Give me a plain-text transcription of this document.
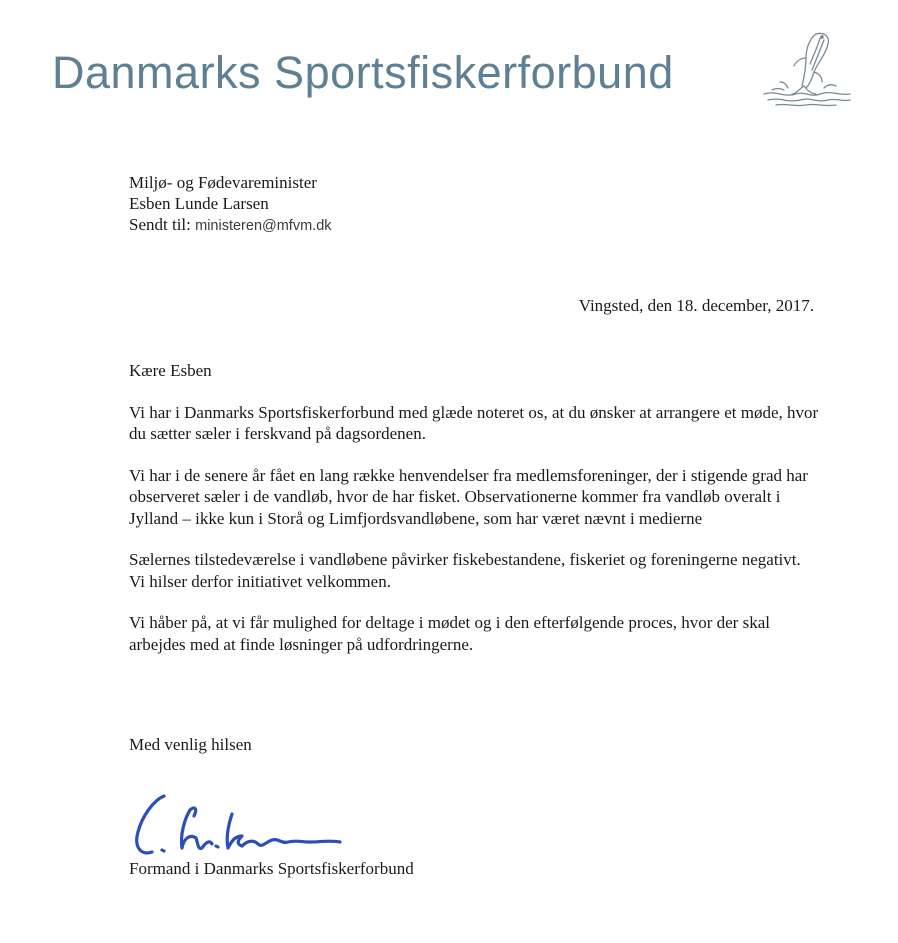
Danmarks Sportsfiskerforbund
Miljø- og Fødevareminister
Esben Lunde Larsen
Sendt til: ministeren@mfvm.dk
Vingsted, den 18. december, 2017.

Kære Esben

Vi har i Danmarks Sportsfiskerforbund med glæde noteret os, at du ønsker at arrangere et møde, hvor du sætter sæler i ferskvand på dagsordenen.

Vi har i de senere år fået en lang række henvendelser fra medlemsforeninger, der i stigende grad har observeret sæler i de vandløb, hvor de har fisket. Observationerne kommer fra vandløb overalt i Jylland – ikke kun i Storå og Limfjordsvandløbene, som har været nævnt i medierne

Sælernes tilstedeværelse i vandløbene påvirker fiskebestandene, fiskeriet og foreningerne negativt. Vi hilser derfor initiativet velkommen.

Vi håber på, at vi får mulighed for deltage i mødet og i den efterfølgende proces, hvor der skal arbejdes med at finde løsninger på udfordringerne.

Med venlig hilsen
Formand i Danmarks Sportsfiskerforbund
